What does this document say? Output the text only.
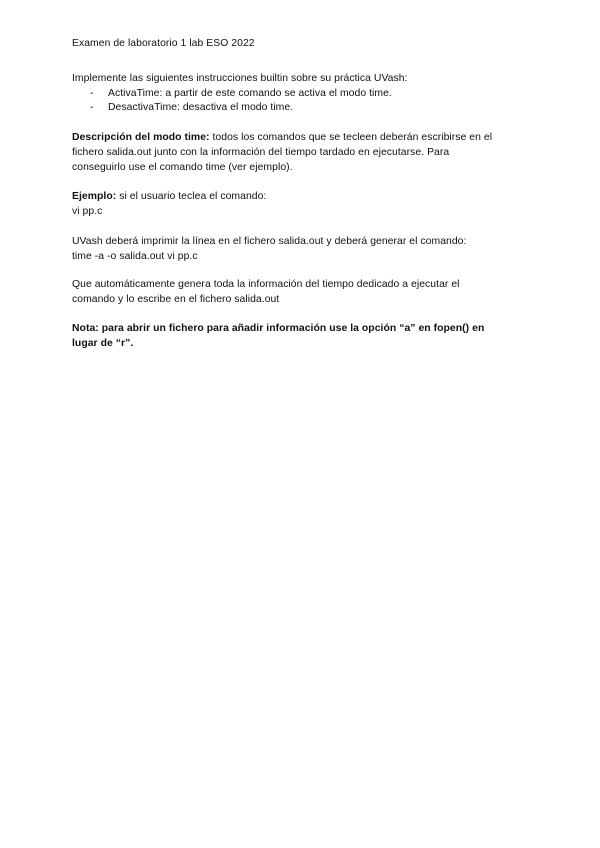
Examen de laboratorio 1 lab ESO 2022
Implemente las siguientes instrucciones builtin sobre su práctica UVash:
- ActivaTime: a partir de este comando se activa el modo time.
- DesactivaTime: desactiva el modo time.
Descripción del modo time: todos los comandos que se tecleen deberán escribirse en el
fichero salida.out junto con la información del tiempo tardado en ejecutarse. Para
conseguirlo use el comando time (ver ejemplo).
Ejemplo: si el usuario teclea el comando:
vi pp.c
UVash deberá imprimir la línea en el fichero salida.out y deberá generar el comando:
time -a -o salida.out vi pp.c
Que automáticamente genera toda la información del tiempo dedicado a ejecutar el
comando y lo escribe en el fichero salida.out
Nota: para abrir un fichero para añadir información use la opción “a” en fopen() en
lugar de “r”.
